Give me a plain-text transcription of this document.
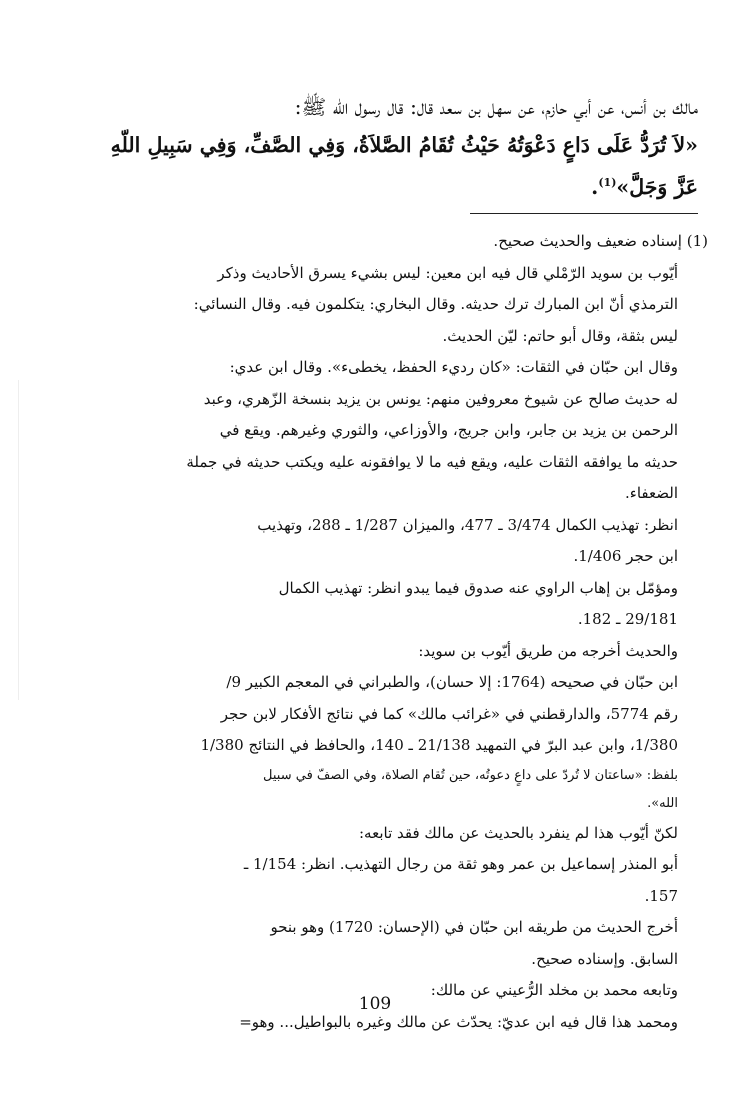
مالك بن أنس، عن أبي حازم، عن سهل بن سعد قال: قال رسول الله ﷺ:
«لاَ تُرَدُّ عَلَى دَاعٍ دَعْوَتُهُ حَيْثُ تُقَامُ الصَّلاَةُ، وَفِي الصَّفِّ، وَفِي سَبِيلِ اللّهِ
عَزَّ وَجَلَّ»$^{(1)}$.
(1) إسناده ضعيف والحديث صحيح.
أيّوب بن سويد الرّمْلي قال فيه ابن معين: ليس بشيء يسرق الأحاديث وذكر
الترمذي أنّ ابن المبارك ترك حديثه. وقال البخاري: يتكلمون فيه. وقال النسائي:
ليس بثقة، وقال أبو حاتم: ليّن الحديث.
وقال ابن حبّان في الثقات: «كان رديء الحفظ، يخطىء». وقال ابن عدي:
له حديث صالح عن شيوخ معروفين منهم: يونس بن يزيد بنسخة الزّهري، وعبد
الرحمن بن يزيد بن جابر، وابن جريج، والأوزاعي، والثوري وغيرهم. ويقع في
حديثه ما يوافقه الثقات عليه، ويقع فيه ما لا يوافقونه عليه ويكتب حديثه في جملة
الضعفاء.
انظر: تهذيب الكمال 3/474 ـ 477، والميزان 1/287 ـ 288، وتهذيب
ابن حجر 1/406.
ومؤمّل بن إهاب الراوي عنه صدوق فيما يبدو انظر: تهذيب الكمال
29/181 ـ 182.
والحديث أخرجه من طريق أيّوب بن سويد:
ابن حبّان في صحيحه (1764: إلا حسان)، والطبراني في المعجم الكبير 9/
رقم 5774، والدارقطني في «غرائب مالك» كما في نتائج الأفكار لابن حجر
1/380، وابن عبد البرّ في التمهيد 21/138 ـ 140، والحافظ في النتائج 1/380
بلفظ: «ساعتان لا تُردّ على داعٍ دعوتُه، حين تُقام الصلاة، وفي الصفّ في سبيل
الله».
لكنّ أيّوب هذا لم ينفرد بالحديث عن مالك فقد تابعه:
أبو المنذر إسماعيل بن عمر وهو ثقة من رجال التهذيب. انظر: 1/154 ـ
157.
أخرج الحديث من طريقه ابن حبّان في (الإحسان: 1720) وهو بنحو
السابق. وإسناده صحيح.
وتابعه محمد بن مخلد الرُّعيني عن مالك:
ومحمد هذا قال فيه ابن عديّ: يحدّث عن مالك وغيره بالبواطيل... وهو=
109
